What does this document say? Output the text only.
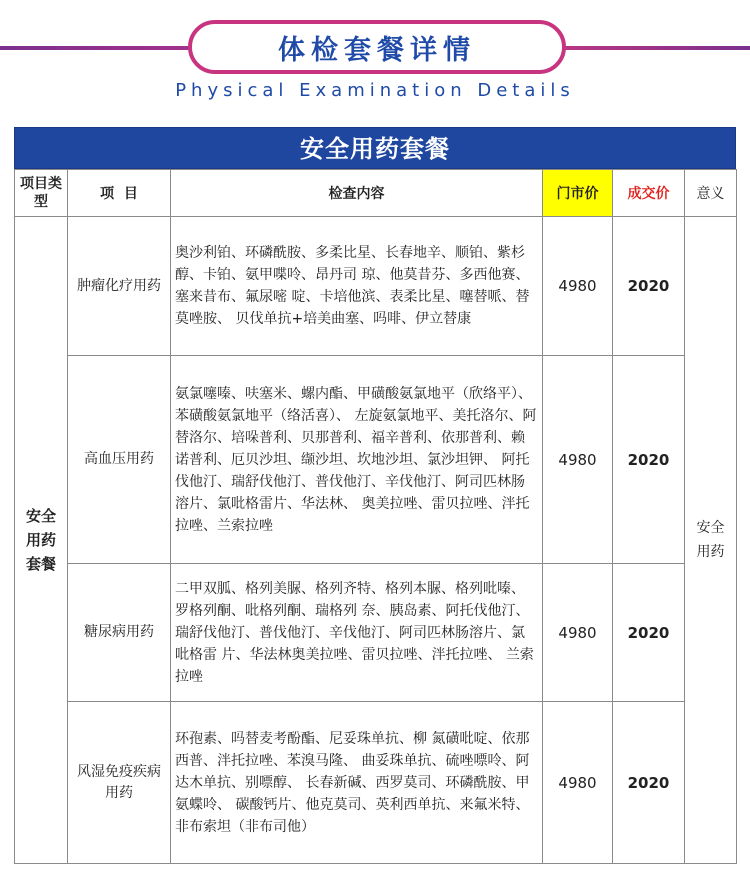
体检套餐详情
Physical Examination Details
安全用药套餐
项目类型	项  目	检查内容	门市价	成交价	意义

安全用药套餐	肿瘤化疗用药	奥沙利铂、环磷酰胺、多柔比星、长春地辛、顺铂、紫杉醇、卡铂、氨甲喋呤、昂丹司 琼、他莫昔芬、多西他赛、塞来昔布、氟尿嘧 啶、卡培他滨、表柔比星、噻替哌、替莫唑胺、 贝伐单抗+培美曲塞、吗啡、伊立替康	4980	2020	安全用药

	高血压用药	氨氯噻嗪、呋塞米、螺内酯、甲磺酸氨氯地平（欣络平）、苯磺酸氨氯地平（络活喜）、 左旋氨氯地平、美托洛尔、阿替洛尔、培哚普利、贝那普利、福辛普利、依那普利、赖诺普利、厄贝沙坦、缬沙坦、坎地沙坦、氯沙坦钾、 阿托伐他汀、瑞舒伐他汀、普伐他汀、辛伐他汀、阿司匹林肠溶片、氯吡格雷片、华法林、 奥美拉唑、雷贝拉唑、泮托拉唑、兰索拉唑	4980	2020	
	糖尿病用药	二甲双胍、格列美脲、格列齐特、格列本脲、格列吡嗪、罗格列酮、吡格列酮、瑞格列 奈、胰岛素、阿托伐他汀、瑞舒伐他汀、普伐他汀、辛伐他汀、阿司匹林肠溶片、氯吡格雷 片、华法林奥美拉唑、雷贝拉唑、泮托拉唑、 兰索拉唑	4980	2020	
	风湿免疫疾病用药	环孢素、吗替麦考酚酯、尼妥珠单抗、柳 氮磺吡啶、依那西普、泮托拉唑、苯溴马隆、 曲妥珠单抗、硫唑嘌呤、阿达木单抗、别嘌醇、 长春新碱、西罗莫司、环磷酰胺、甲氨蝶呤、 碳酸钙片、他克莫司、英利西单抗、来氟米特、 非布索坦（非布司他）	4980	2020	
